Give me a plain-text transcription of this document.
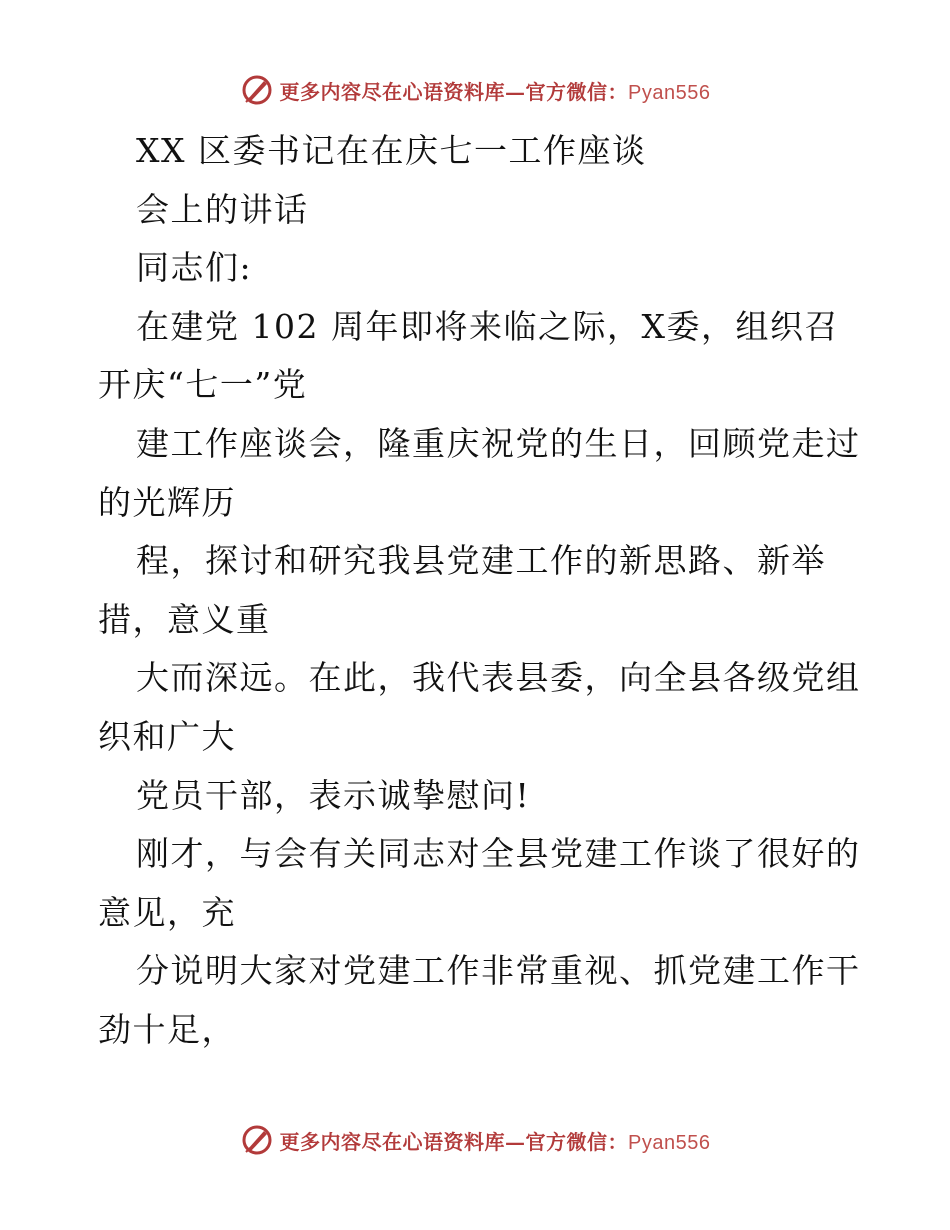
更多内容尽在心语资料库—官方微信：Pyan556
XX 区委书记在在庆七一工作座谈
会上的讲话
同志们:
在建党 102 周年即将来临之际，X委，组织召
开庆“七一”党
建工作座谈会，隆重庆祝党的生日，回顾党走过
的光辉历
程，探讨和研究我县党建工作的新思路、新举
措，意义重
大而深远。在此，我代表县委，向全县各级党组
织和广大
党员干部，表示诚挚慰问!
刚才，与会有关同志对全县党建工作谈了很好的
意见，充
分说明大家对党建工作非常重视、抓党建工作干
劲十足，
更多内容尽在心语资料库—官方微信：Pyan556
